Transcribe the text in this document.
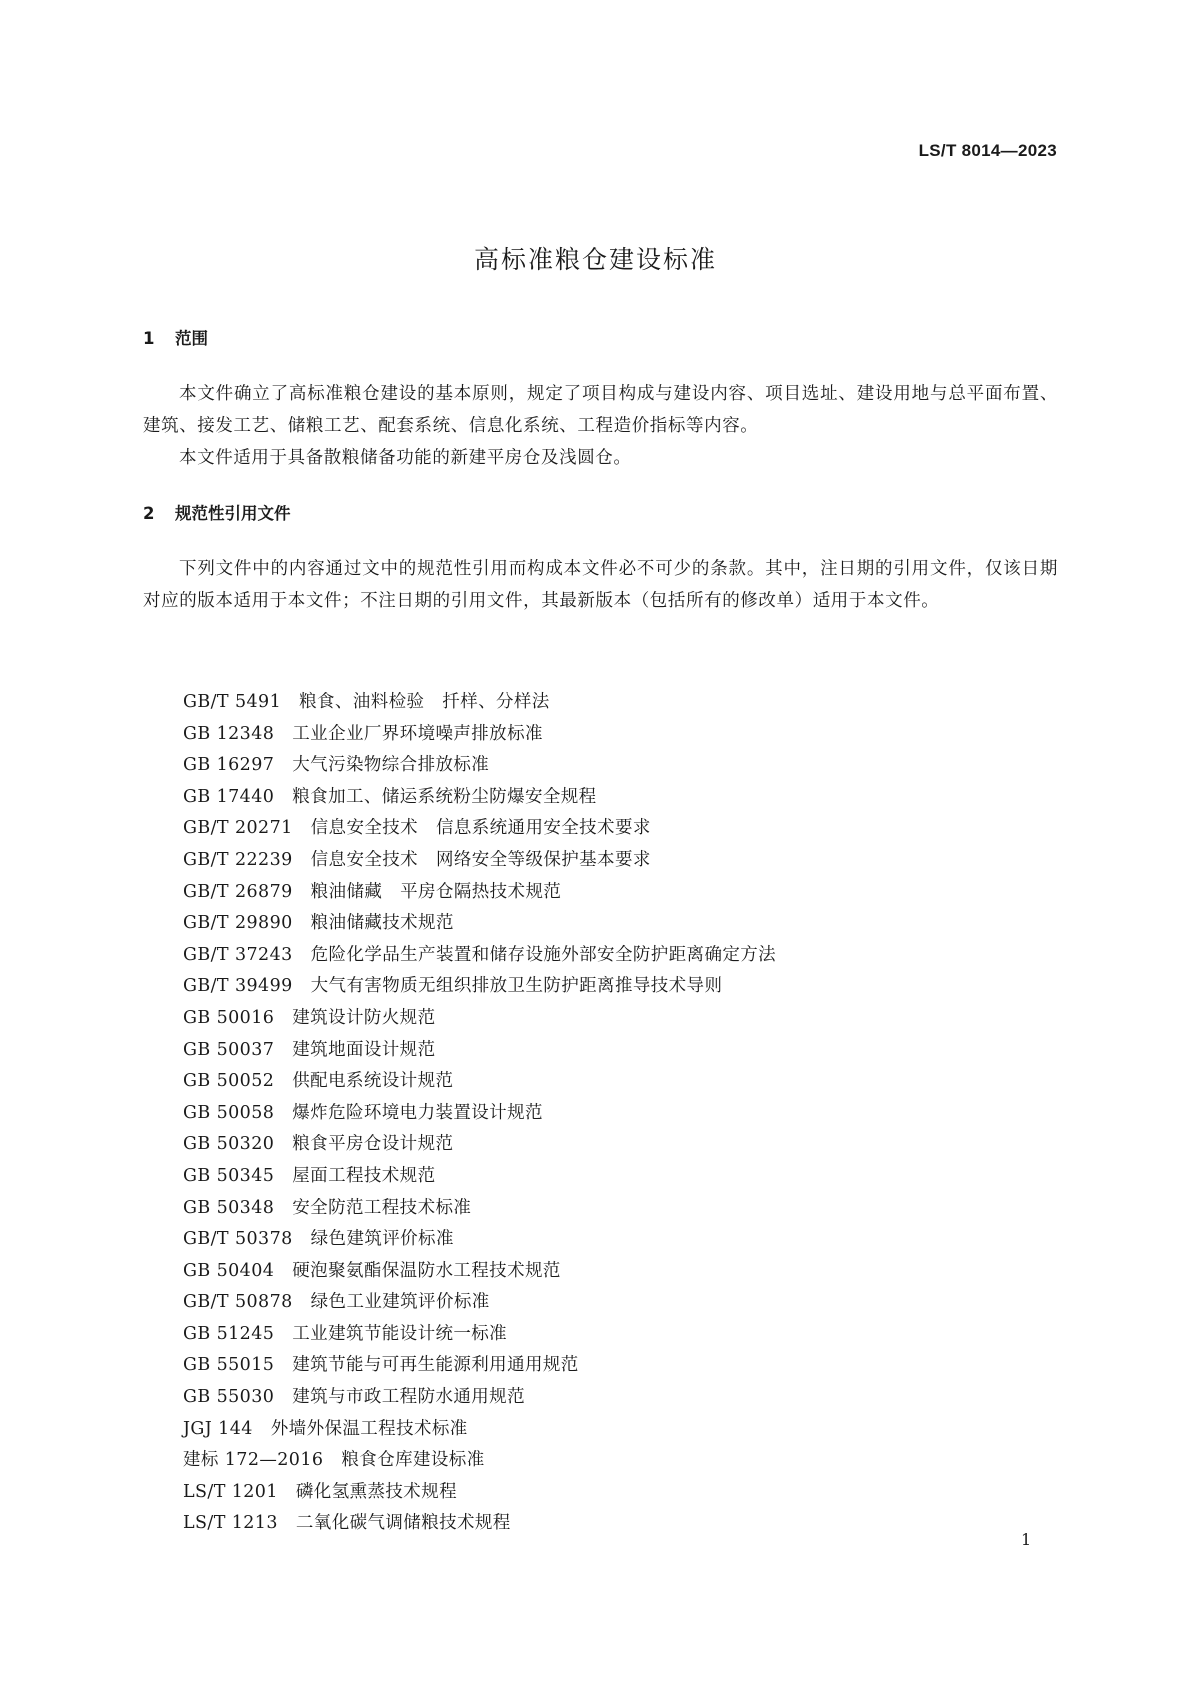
LS/T 8014—2023
高标准粮仓建设标准
1 范围

本文件确立了高标准粮仓建设的基本原则，规定了项目构成与建设内容、项目选址、建设用地与总平面布置、建筑、接发工艺、储粮工艺、配套系统、信息化系统、工程造价指标等内容。

本文件适用于具备散粮储备功能的新建平房仓及浅圆仓。

2 规范性引用文件

下列文件中的内容通过文中的规范性引用而构成本文件必不可少的条款。其中，注日期的引用文件，仅该日期对应的版本适用于本文件；不注日期的引用文件，其最新版本（包括所有的修改单）适用于本文件。

GB/T 5491 粮食、油料检验　扦样、分样法
GB 12348 工业企业厂界环境噪声排放标准
GB 16297 大气污染物综合排放标准
GB 17440 粮食加工、储运系统粉尘防爆安全规程
GB/T 20271 信息安全技术　信息系统通用安全技术要求
GB/T 22239 信息安全技术　网络安全等级保护基本要求
GB/T 26879 粮油储藏　平房仓隔热技术规范
GB/T 29890 粮油储藏技术规范
GB/T 37243 危险化学品生产装置和储存设施外部安全防护距离确定方法
GB/T 39499 大气有害物质无组织排放卫生防护距离推导技术导则
GB 50016 建筑设计防火规范
GB 50037 建筑地面设计规范
GB 50052 供配电系统设计规范
GB 50058 爆炸危险环境电力装置设计规范
GB 50320 粮食平房仓设计规范
GB 50345 屋面工程技术规范
GB 50348 安全防范工程技术标准
GB/T 50378 绿色建筑评价标准
GB 50404 硬泡聚氨酯保温防水工程技术规范
GB/T 50878 绿色工业建筑评价标准
GB 51245 工业建筑节能设计统一标准
GB 55015 建筑节能与可再生能源利用通用规范
GB 55030 建筑与市政工程防水通用规范
JGJ 144 外墙外保温工程技术标准
建标 172—2016 粮食仓库建设标准
LS/T 1201 磷化氢熏蒸技术规程
LS/T 1213 二氧化碳气调储粮技术规程
1
